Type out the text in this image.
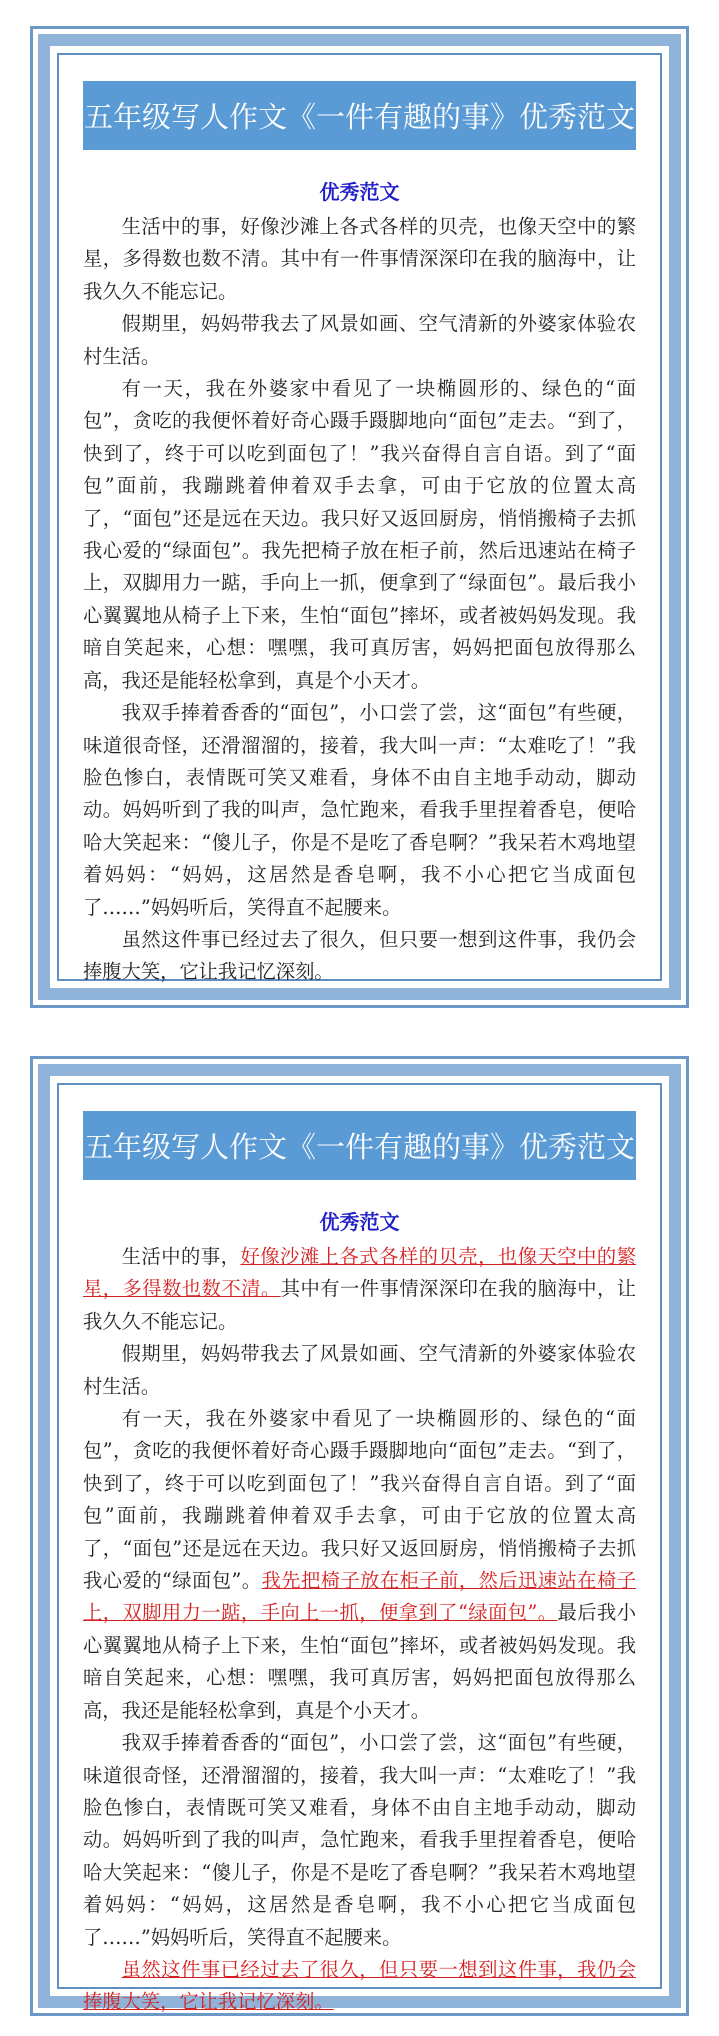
五年级写人作文《一件有趣的事》优秀范文
优秀范文

生活中的事，好像沙滩上各式各样的贝壳，也像天空中的繁星，多得数也数不清。其中有一件事情深深印在我的脑海中，让我久久不能忘记。

假期里，妈妈带我去了风景如画、空气清新的外婆家体验农村生活。

有一天，我在外婆家中看见了一块椭圆形的、绿色的“面包”，贪吃的我便怀着好奇心蹑手蹑脚地向“面包”走去。“到了，快到了，终于可以吃到面包了！”我兴奋得自言自语。到了“面包”面前，我蹦跳着伸着双手去拿，可由于它放的位置太高了，“面包”还是远在天边。我只好又返回厨房，悄悄搬椅子去抓我心爱的“绿面包”。我先把椅子放在柜子前，然后迅速站在椅子上，双脚用力一踮，手向上一抓，便拿到了“绿面包”。最后我小心翼翼地从椅子上下来，生怕“面包”摔坏，或者被妈妈发现。我暗自笑起来，心想：嘿嘿，我可真厉害，妈妈把面包放得那么高，我还是能轻松拿到，真是个小天才。

我双手捧着香香的“面包”，小口尝了尝，这“面包”有些硬，味道很奇怪，还滑溜溜的，接着，我大叫一声：“太难吃了！”我脸色惨白，表情既可笑又难看，身体不由自主地手动动，脚动动。妈妈听到了我的叫声，急忙跑来，看我手里捏着香皂，便哈哈大笑起来：“傻儿子，你是不是吃了香皂啊？”我呆若木鸡地望着妈妈：“妈妈，这居然是香皂啊，我不小心把它当成面包了……”妈妈听后，笑得直不起腰来。

虽然这件事已经过去了很久，但只要一想到这件事，我仍会捧腹大笑，它让我记忆深刻。

五年级写人作文《一件有趣的事》优秀范文
优秀范文

生活中的事，好像沙滩上各式各样的贝壳，也像天空中的繁星，多得数也数不清。其中有一件事情深深印在我的脑海中，让我久久不能忘记。

假期里，妈妈带我去了风景如画、空气清新的外婆家体验农村生活。

有一天，我在外婆家中看见了一块椭圆形的、绿色的“面包”，贪吃的我便怀着好奇心蹑手蹑脚地向“面包”走去。“到了，快到了，终于可以吃到面包了！”我兴奋得自言自语。到了“面包”面前，我蹦跳着伸着双手去拿，可由于它放的位置太高了，“面包”还是远在天边。我只好又返回厨房，悄悄搬椅子去抓我心爱的“绿面包”。我先把椅子放在柜子前，然后迅速站在椅子上，双脚用力一踮，手向上一抓，便拿到了“绿面包”。最后我小心翼翼地从椅子上下来，生怕“面包”摔坏，或者被妈妈发现。我暗自笑起来，心想：嘿嘿，我可真厉害，妈妈把面包放得那么高，我还是能轻松拿到，真是个小天才。

我双手捧着香香的“面包”，小口尝了尝，这“面包”有些硬，味道很奇怪，还滑溜溜的，接着，我大叫一声：“太难吃了！”我脸色惨白，表情既可笑又难看，身体不由自主地手动动，脚动动。妈妈听到了我的叫声，急忙跑来，看我手里捏着香皂，便哈哈大笑起来：“傻儿子，你是不是吃了香皂啊？”我呆若木鸡地望着妈妈：“妈妈，这居然是香皂啊，我不小心把它当成面包了……”妈妈听后，笑得直不起腰来。

虽然这件事已经过去了很久，但只要一想到这件事，我仍会捧腹大笑，它让我记忆深刻。
